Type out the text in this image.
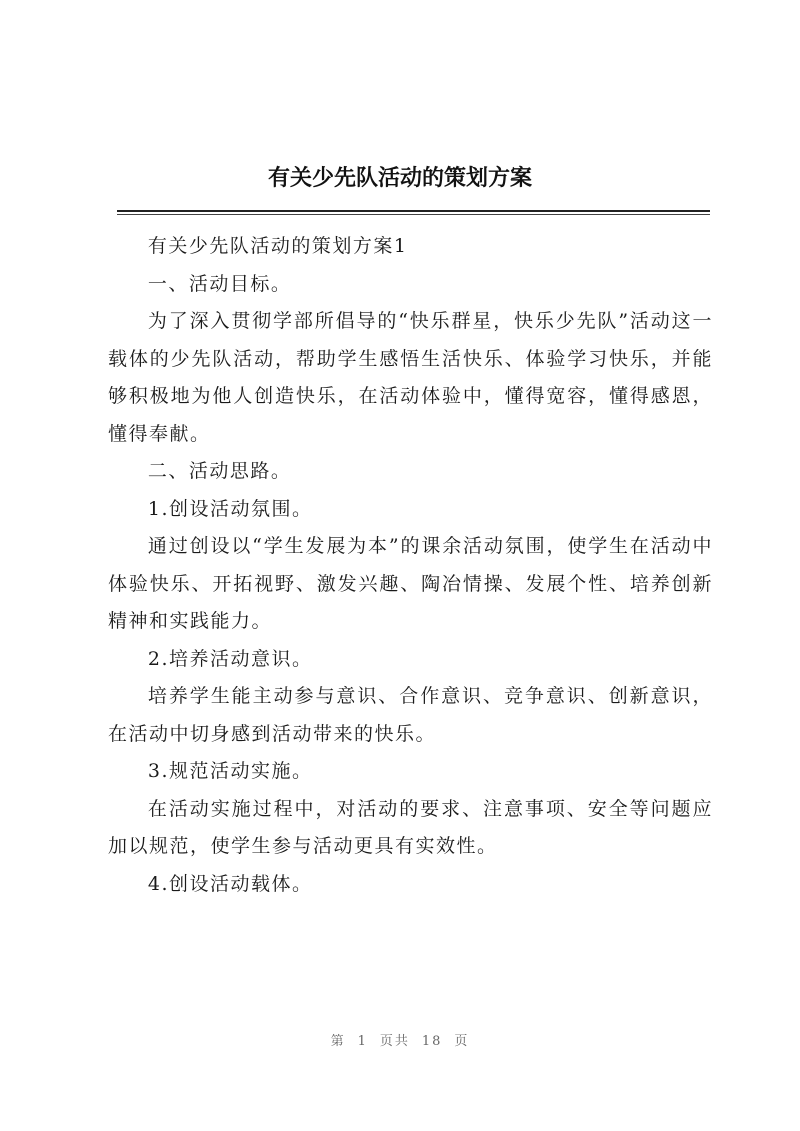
有关少先队活动的策划方案

有关少先队活动的策划方案1

一、活动目标。

为了深入贯彻学部所倡导的“快乐群星，快乐少先队”活动这一载体的少先队活动，帮助学生感悟生活快乐、体验学习快乐，并能够积极地为他人创造快乐，在活动体验中，懂得宽容，懂得感恩，懂得奉献。

二、活动思路。

1.创设活动氛围。

通过创设以“学生发展为本”的课余活动氛围，使学生在活动中体验快乐、开拓视野、激发兴趣、陶冶情操、发展个性、培养创新精神和实践能力。

2.培养活动意识。

培养学生能主动参与意识、合作意识、竞争意识、创新意识，在活动中切身感到活动带来的快乐。

3.规范活动实施。

在活动实施过程中，对活动的要求、注意事项、安全等问题应加以规范，使学生参与活动更具有实效性。

4.创设活动载体。

第 1 页共 18 页
